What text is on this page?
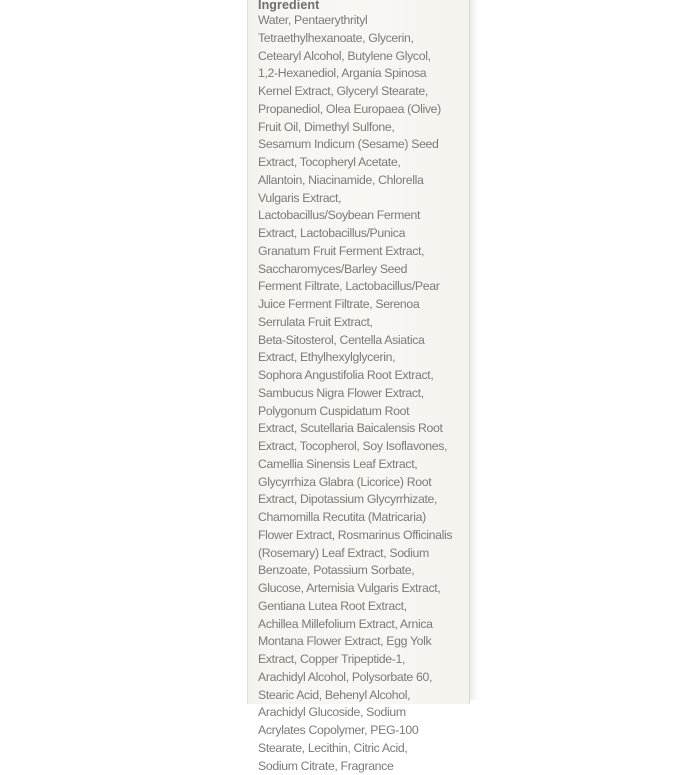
Ingredient
Water, Pentaerythrityl
Tetraethylhexanoate, Glycerin,
Cetearyl Alcohol, Butylene Glycol,
1,2-Hexanediol, Argania Spinosa
Kernel Extract, Glyceryl Stearate,
Propanediol, Olea Europaea (Olive)
Fruit Oil, Dimethyl Sulfone,
Sesamum Indicum (Sesame) Seed
Extract, Tocopheryl Acetate,
Allantoin, Niacinamide, Chlorella
Vulgaris Extract,
Lactobacillus/Soybean Ferment
Extract, Lactobacillus/Punica
Granatum Fruit Ferment Extract,
Saccharomyces/Barley Seed
Ferment Filtrate, Lactobacillus/Pear
Juice Ferment Filtrate, Serenoa
Serrulata Fruit Extract,
Beta-Sitosterol, Centella Asiatica
Extract, Ethylhexylglycerin,
Sophora Angustifolia Root Extract,
Sambucus Nigra Flower Extract,
Polygonum Cuspidatum Root
Extract, Scutellaria Baicalensis Root
Extract, Tocopherol, Soy Isoflavones,
Camellia Sinensis Leaf Extract,
Glycyrrhiza Glabra (Licorice) Root
Extract, Dipotassium Glycyrrhizate,
Chamomilla Recutita (Matricaria)
Flower Extract, Rosmarinus Officinalis
(Rosemary) Leaf Extract, Sodium
Benzoate, Potassium Sorbate,
Glucose, Artemisia Vulgaris Extract,
Gentiana Lutea Root Extract,
Achillea Millefolium Extract, Arnica
Montana Flower Extract, Egg Yolk
Extract, Copper Tripeptide-1,
Arachidyl Alcohol, Polysorbate 60,
Stearic Acid, Behenyl Alcohol,
Arachidyl Glucoside, Sodium
Acrylates Copolymer, PEG-100
Stearate, Lecithin, Citric Acid,
Sodium Citrate, Fragrance
